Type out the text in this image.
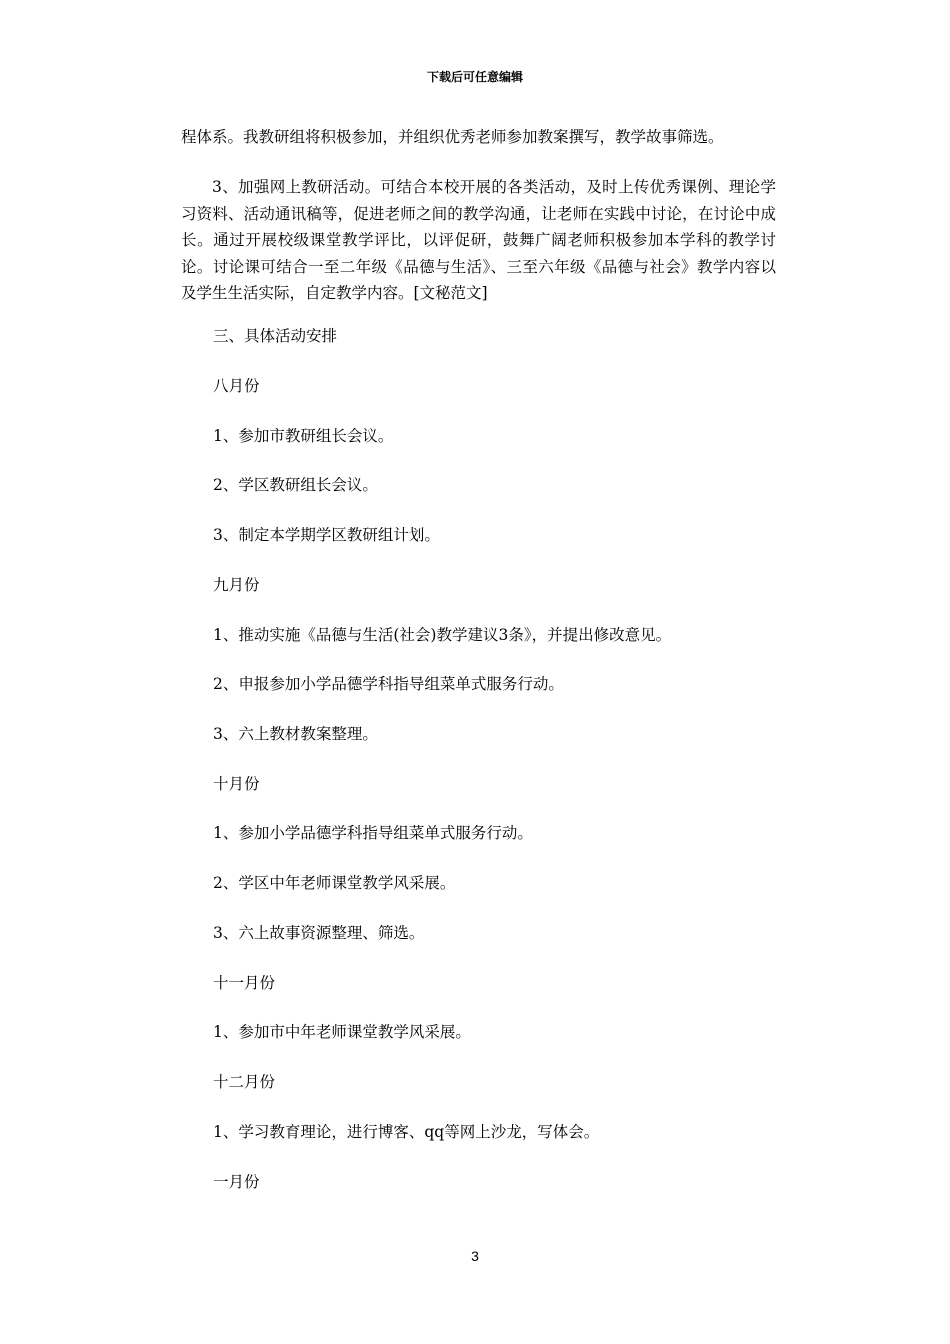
下载后可任意编辑
程体系。我教研组将积极参加，并组织优秀老师参加教案撰写，教学故事筛选。
3、加强网上教研活动。可结合本校开展的各类活动，及时上传优秀课例、理论学习资料、活动通讯稿等，促进老师之间的教学沟通，让老师在实践中讨论，在讨论中成长。通过开展校级课堂教学评比，以评促研，鼓舞广阔老师积极参加本学科的教学讨论。讨论课可结合一至二年级《品德与生活》、三至六年级《品德与社会》教学内容以及学生生活实际，自定教学内容。[文秘范文]
三、具体活动安排
八月份
1、参加市教研组长会议。
2、学区教研组长会议。
3、制定本学期学区教研组计划。
九月份
1、推动实施《品德与生活(社会)教学建议3条》，并提出修改意见。
2、申报参加小学品德学科指导组菜单式服务行动。
3、六上教材教案整理。
十月份
1、参加小学品德学科指导组菜单式服务行动。
2、学区中年老师课堂教学风采展。
3、六上故事资源整理、筛选。
十一月份
1、参加市中年老师课堂教学风采展。
十二月份
1、学习教育理论，进行博客、qq等网上沙龙，写体会。
一月份
3
